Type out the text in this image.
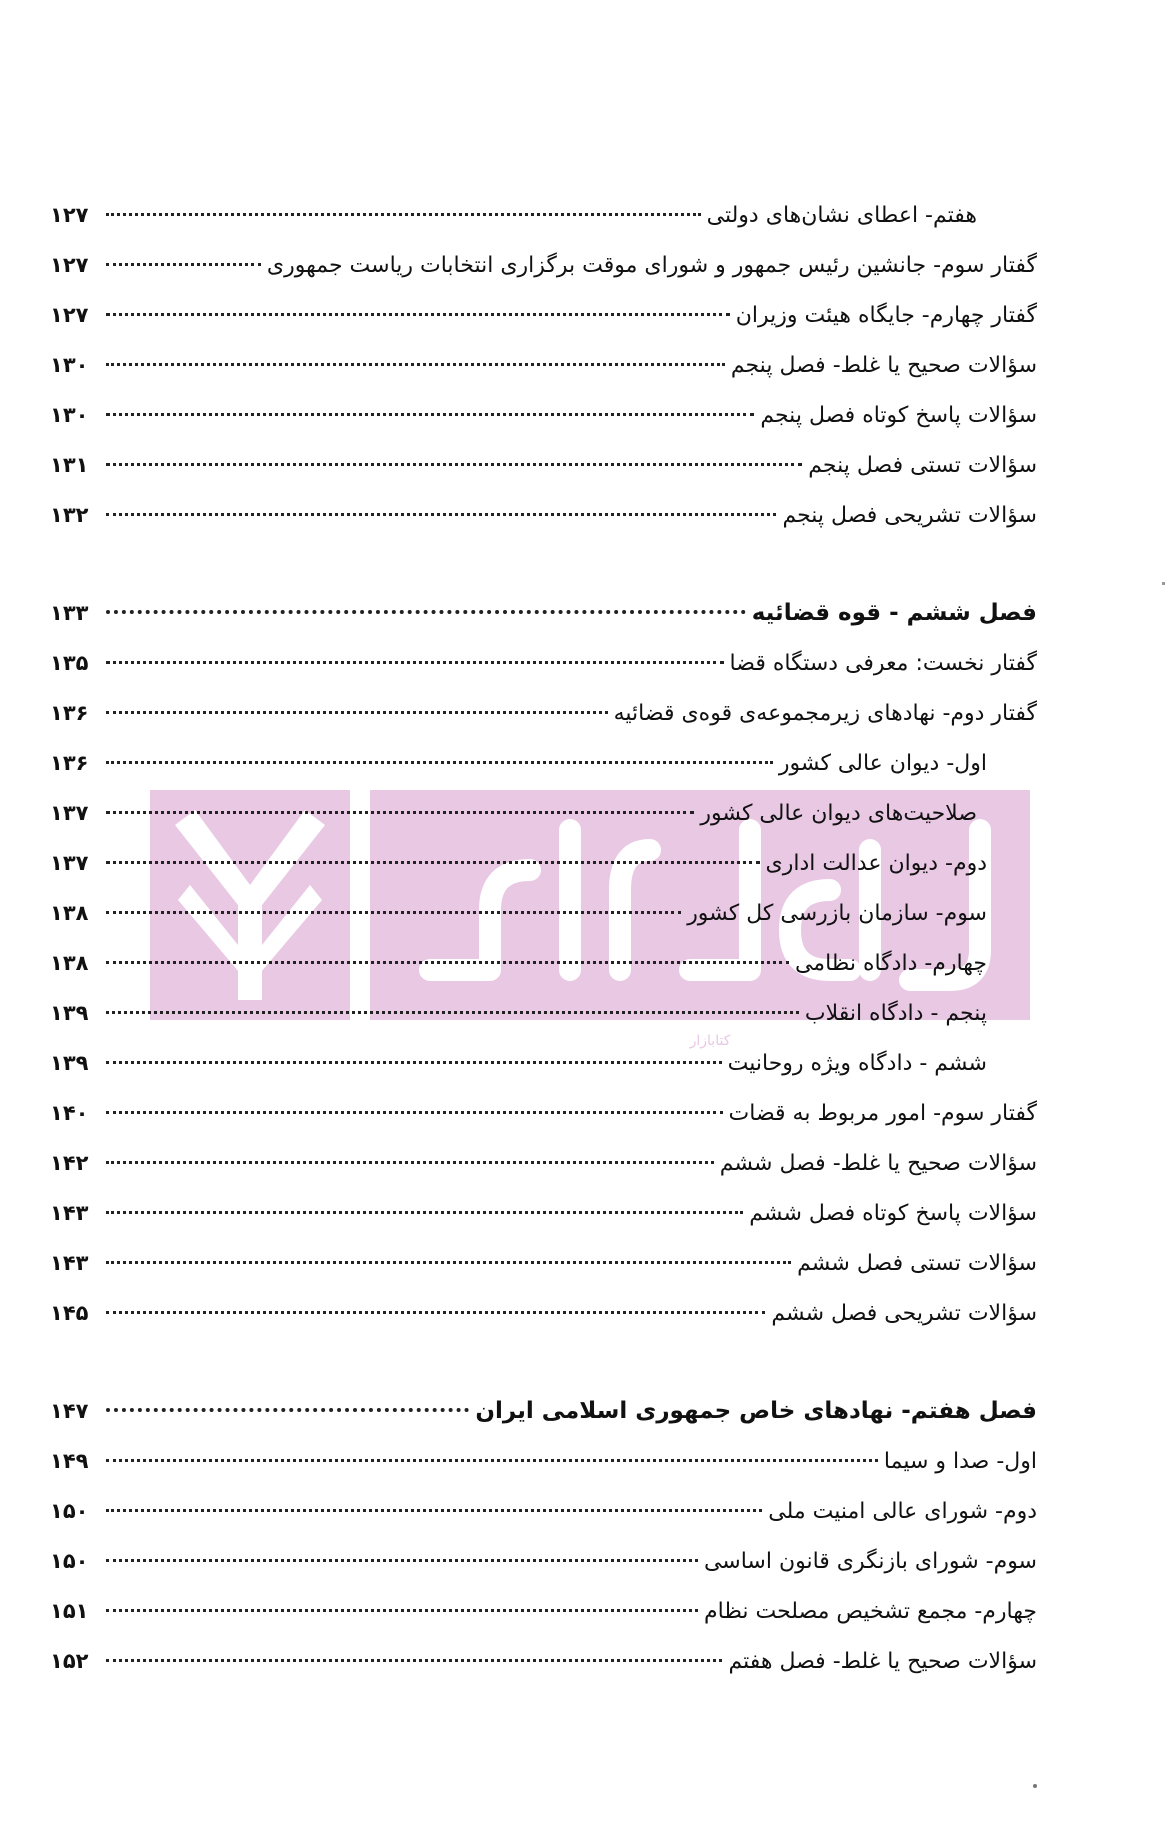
کتابازار
هفتم- اعطای نشان‌های دولتی
۱۲۷
گفتار سوم- جانشین رئیس جمهور و شورای موقت برگزاری انتخابات ریاست جمهوری
۱۲۷
گفتار چهارم- جایگاه هیئت وزیران
۱۲۷
سؤالات صحیح یا غلط- فصل پنجم
۱۳۰
سؤالات پاسخ کوتاه فصل پنجم
۱۳۰
سؤالات تستی فصل پنجم
۱۳۱
سؤالات تشریحی فصل پنجم
۱۳۲
فصل ششم - قوه قضائیه
۱۳۳
گفتار نخست: معرفی دستگاه قضا
۱۳۵
گفتار دوم- نهادهای زیرمجموعه‌ی قوه‌ی قضائیه
۱۳۶
اول- دیوان عالی کشور
۱۳۶
صلاحیت‌های دیوان عالی کشور
۱۳۷
دوم- دیوان عدالت اداری
۱۳۷
سوم- سازمان بازرسی کل کشور
۱۳۸
چهارم- دادگاه نظامی
۱۳۸
پنجم - دادگاه انقلاب
۱۳۹
ششم - دادگاه ویژه روحانیت
۱۳۹
گفتار سوم- امور مربوط به قضات
۱۴۰
سؤالات صحیح یا غلط- فصل ششم
۱۴۲
سؤالات پاسخ کوتاه فصل ششم
۱۴۳
سؤالات تستی فصل ششم
۱۴۳
سؤالات تشریحی فصل ششم
۱۴۵
فصل هفتم- نهادهای خاص جمهوری اسلامی ایران
۱۴۷
اول- صدا و سیما
۱۴۹
دوم- شورای عالی امنیت ملی
۱۵۰
سوم- شورای بازنگری قانون اساسی
۱۵۰
چهارم- مجمع تشخیص مصلحت نظام
۱۵۱
سؤالات صحیح یا غلط- فصل هفتم
۱۵۲
